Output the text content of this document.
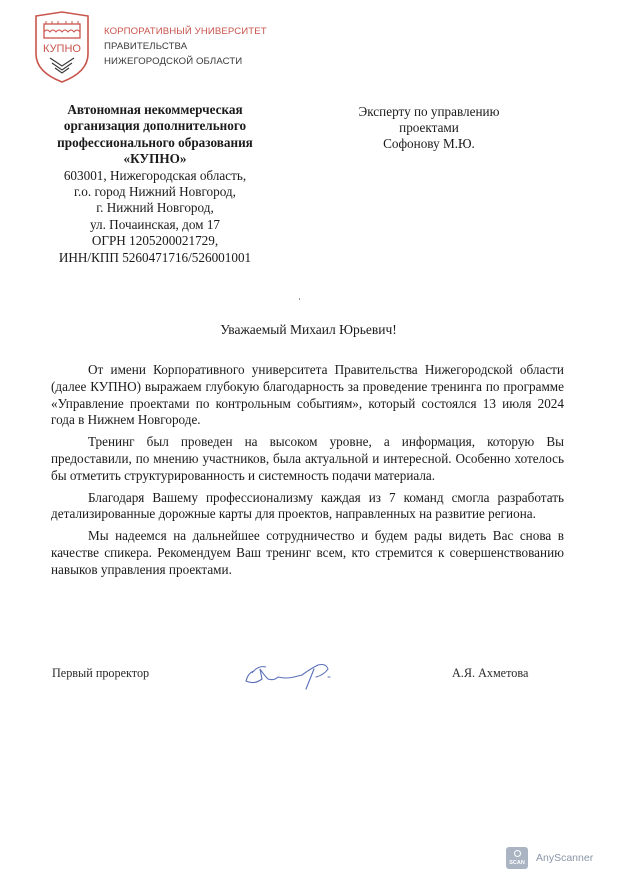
КУПНО
КОРПОРАТИВНЫЙ УНИВЕРСИТЕТ
ПРАВИТЕЛЬСТВА
НИЖЕГОРОДСКОЙ ОБЛАСТИ
Автономная некоммерческая
организация дополнительного
профессионального образования
«КУПНО»
603001, Нижегородская область,
г.о. город Нижний Новгород,
г. Нижний Новгород,
ул. Почаинская, дом 17
ОГРН 1205200021729,
ИНН/КПП 5260471716/526001001
Эксперту по управлению
проектами
Софонову М.Ю.
Уважаемый Михаил Юрьевич!

От имени Корпоративного университета Правительства Нижегородской области (далее КУПНО) выражаем глубокую благодарность за проведение тренинга по программе «Управление проектами по контрольным событиям», который состоялся 13 июля 2024 года в Нижнем Новгороде.

Тренинг был проведен на высоком уровне, а информация, которую Вы предоставили, по мнению участников, была актуальной и интересной. Особенно хотелось бы отметить структурированность и системность подачи материала.

Благодаря Вашему профессионализму каждая из 7 команд смогла разработать детализированные дорожные карты для проектов, направленных на развитие региона.

Мы надеемся на дальнейшее сотрудничество и будем рады видеть Вас снова в качестве спикера. Рекомендуем Ваш тренинг всем, кто стремится к совершенствованию навыков управления проектами.

Первый проректор	А.Я. Ахметова
SCAN	AnyScanner
